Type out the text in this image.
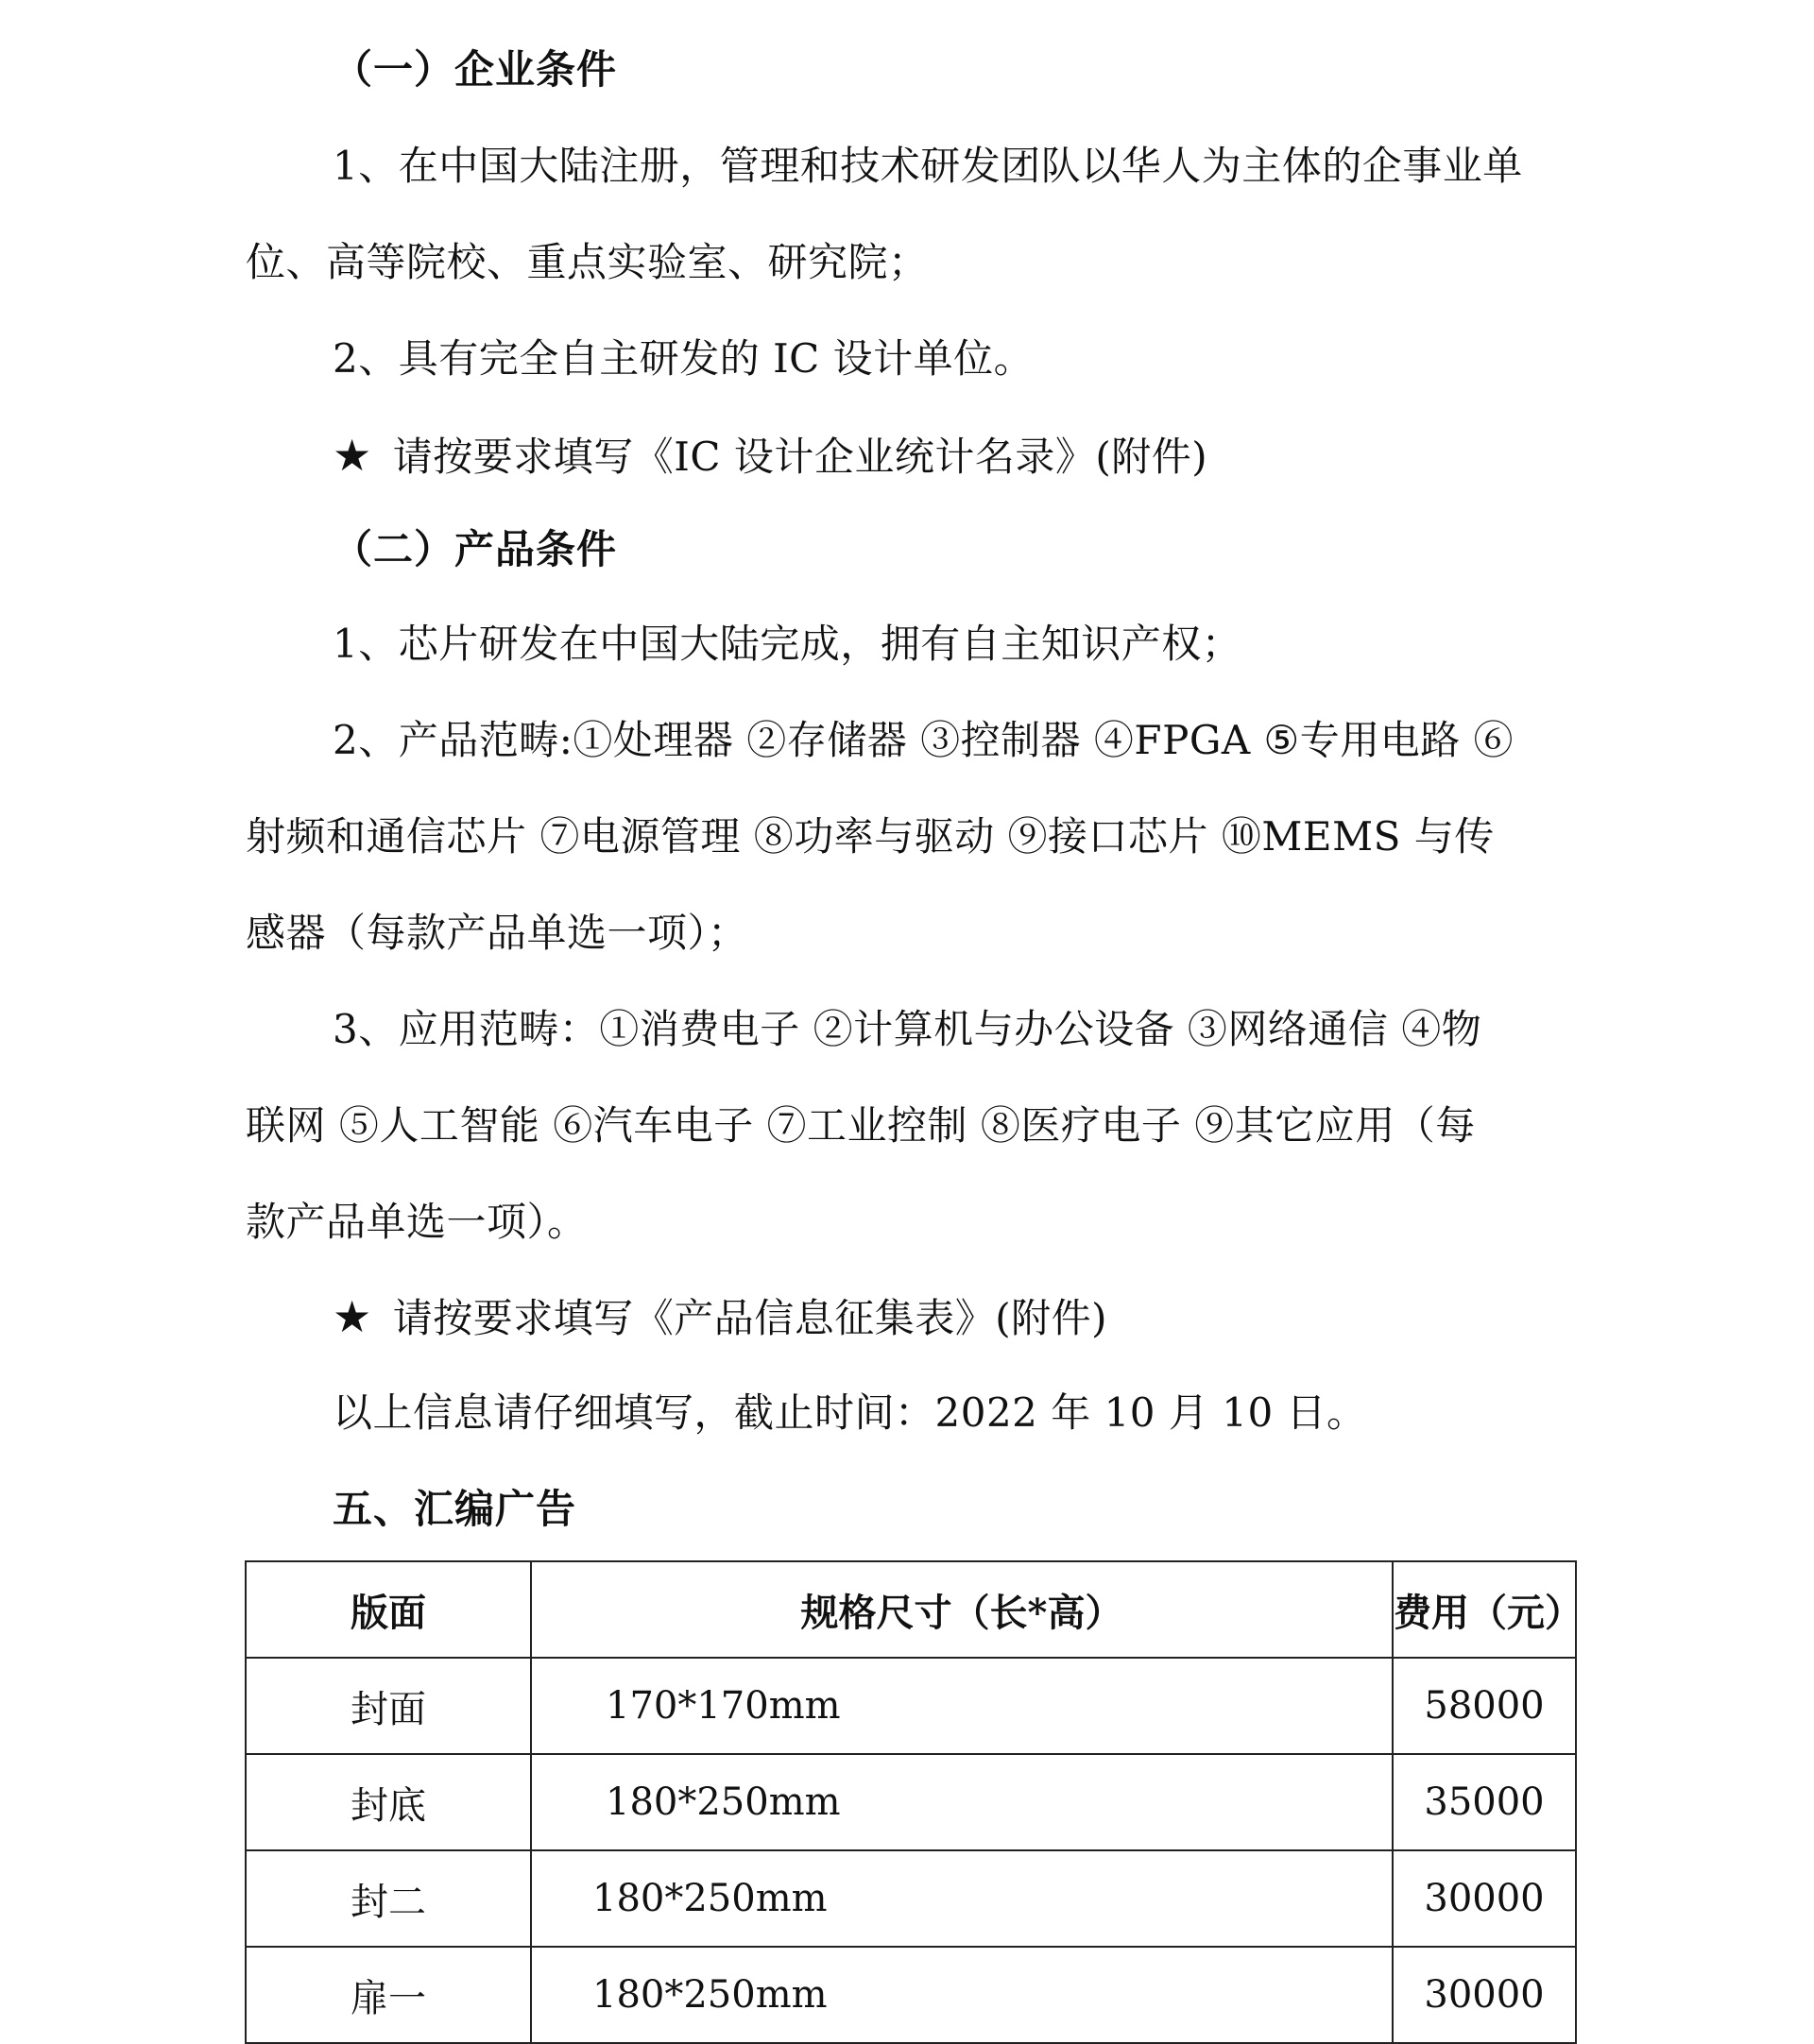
（一）企业条件
1、在中国大陆注册，管理和技术研发团队以华人为主体的企事业单
位、高等院校、重点实验室、研究院；
2、具有完全自主研发的 IC 设计单位。
★ 请按要求填写《IC 设计企业统计名录》(附件)
（二）产品条件
1、芯片研发在中国大陆完成，拥有自主知识产权；
2、产品范畴:①处理器 ②存储器 ③控制器 ④FPGA ⑤专用电路 ⑥
射频和通信芯片 ⑦电源管理 ⑧功率与驱动 ⑨接口芯片 ⑩MEMS 与传
感器（每款产品单选一项）；
3、应用范畴：①消费电子 ②计算机与办公设备 ③网络通信 ④物
联网 ⑤人工智能 ⑥汽车电子 ⑦工业控制 ⑧医疗电子 ⑨其它应用（每
款产品单选一项）。
★ 请按要求填写《产品信息征集表》(附件)
以上信息请仔细填写，截止时间：2022 年 10 月 10 日。
五、汇编广告
版面	规格尺寸（长*高）	费用（元）
封面	170*170mm	58000
封底	180*250mm	35000
封二	180*250mm	30000
扉一	180*250mm	30000
